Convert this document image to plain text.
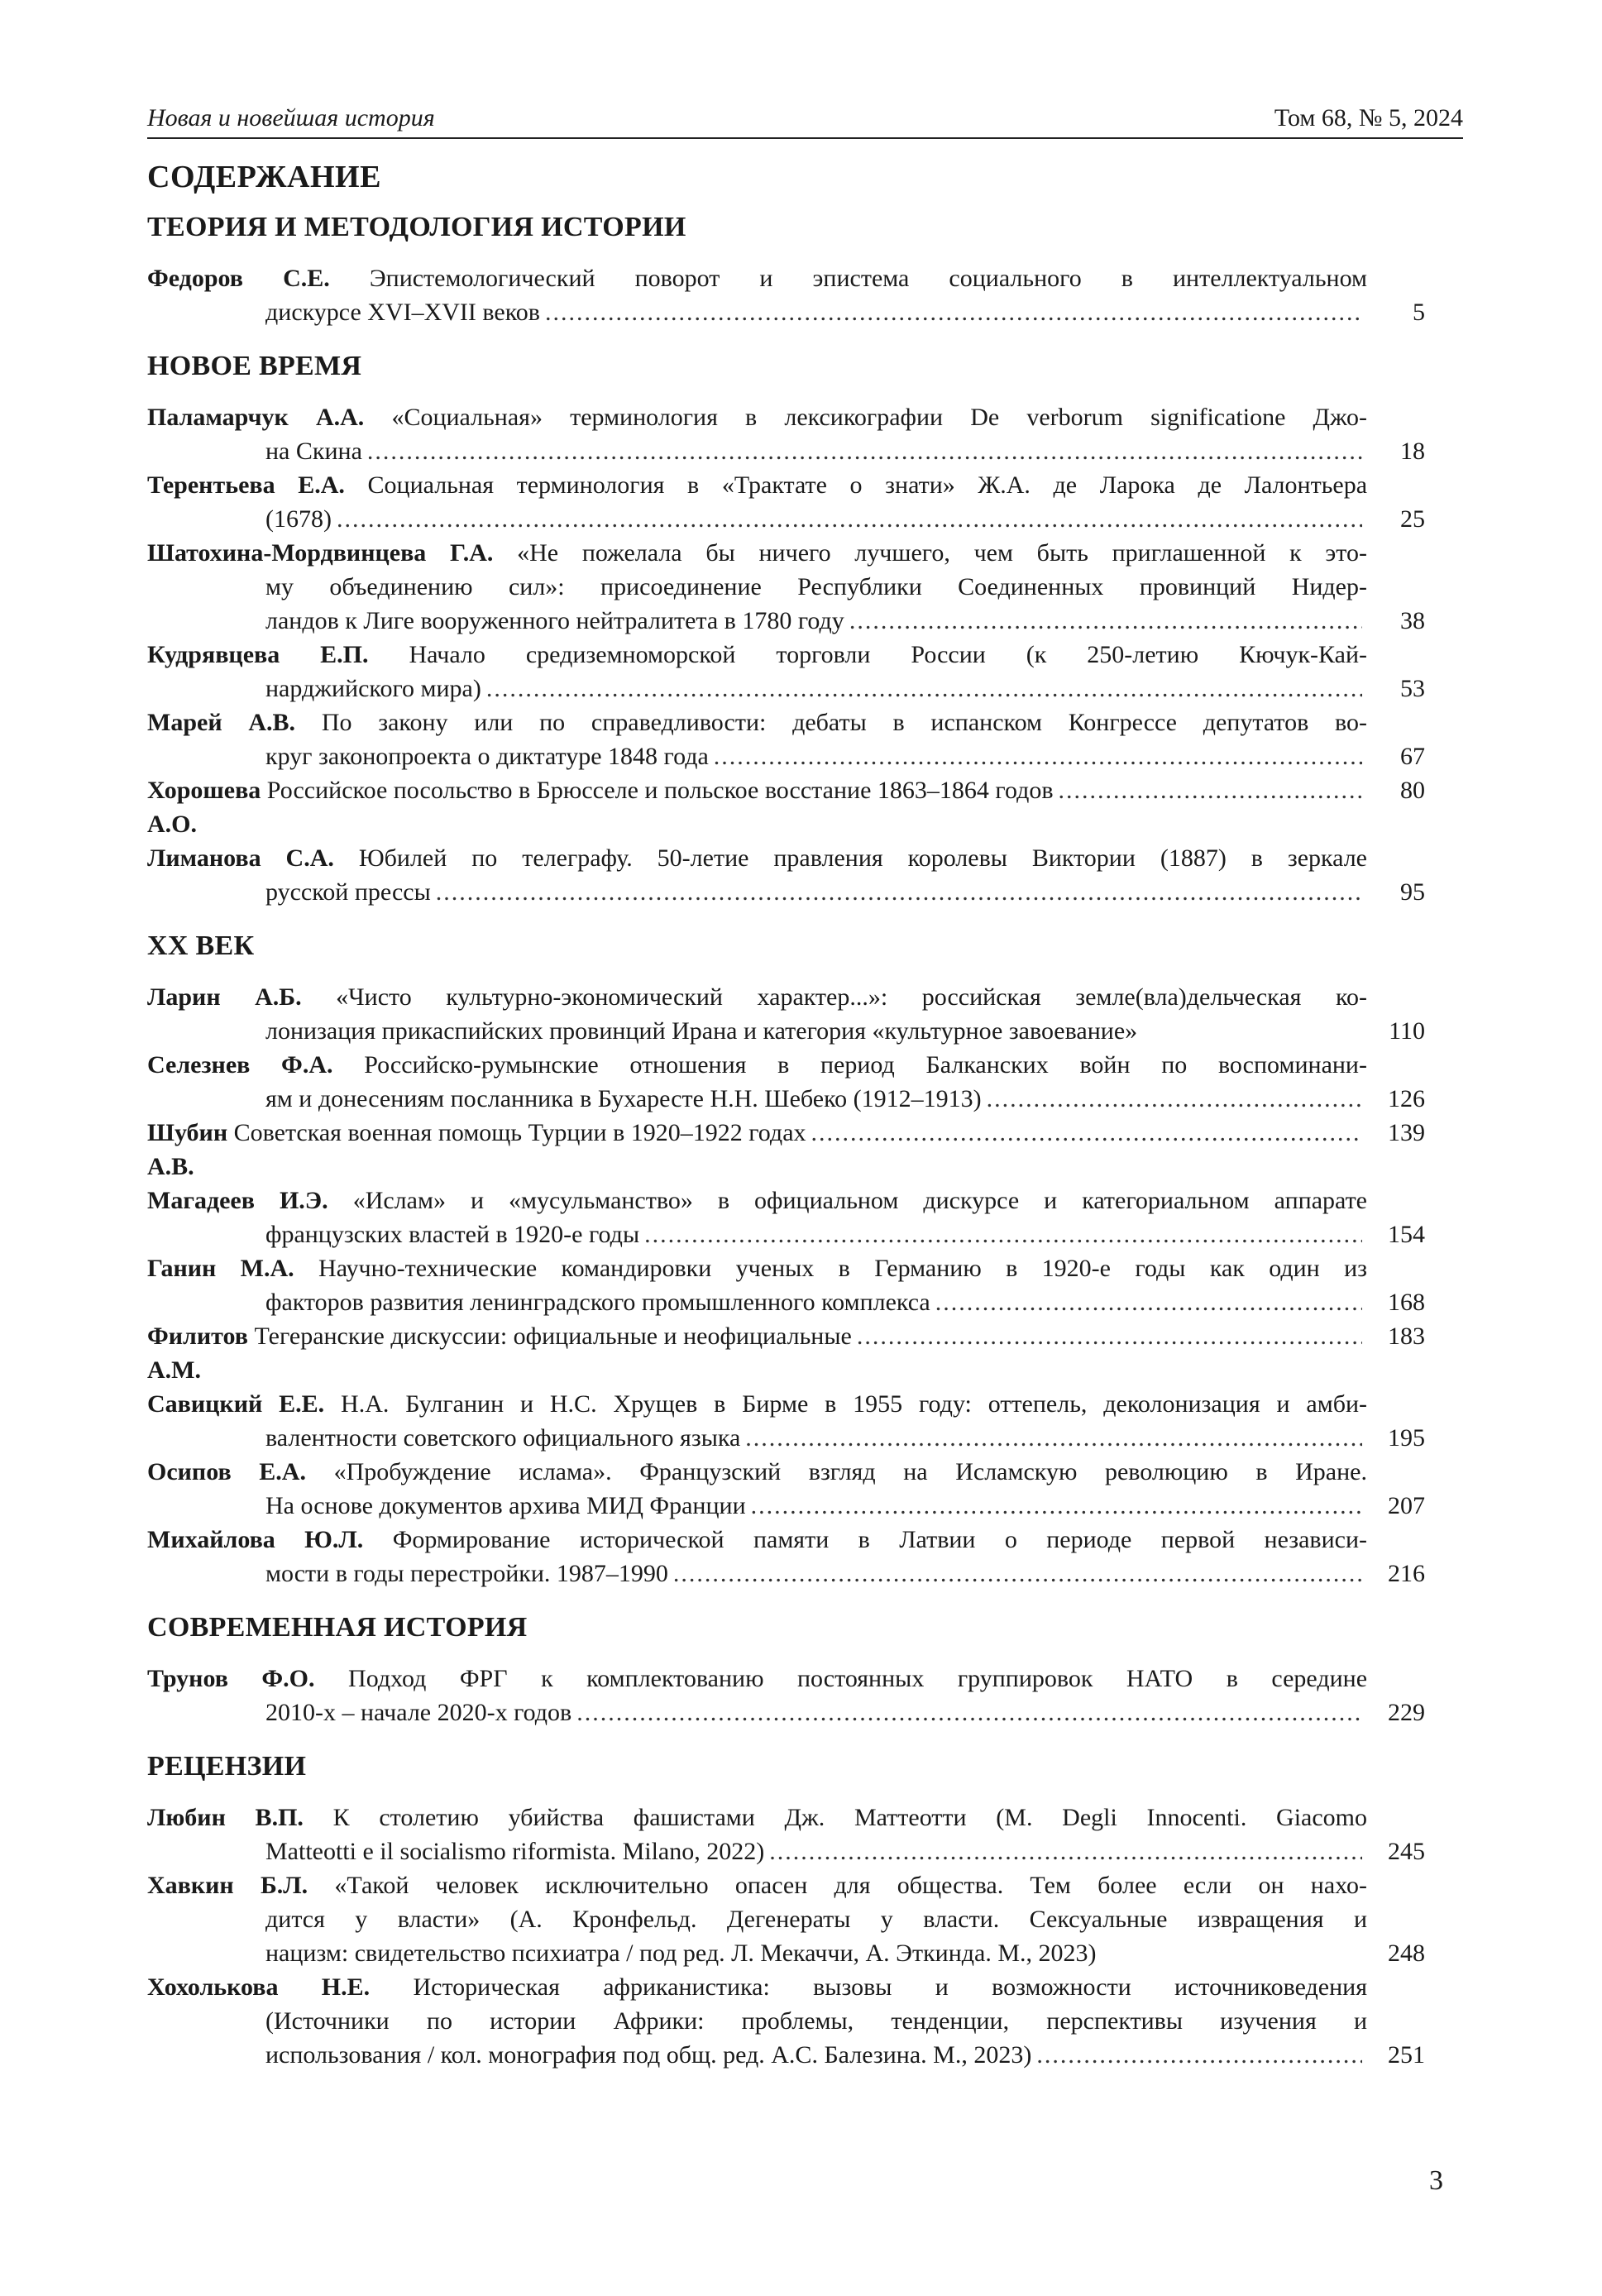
Новая и новейшая история	Том 68, № 5, 2024
СОДЕРЖАНИЕ
ТЕОРИЯ И МЕТОДОЛОГИЯ ИСТОРИИ
Федоров С.Е. Эпистемологический поворот и эпистема социального в интеллектуальном
дискурсе XVI–XVII веков .....	5
НОВОЕ ВРЕМЯ
Паламарчук А.А. «Социальная» терминология в лексикографии De verborum significatione Джо-
на Скина .....	18
Терентьева Е.А. Социальная терминология в «Трактате о знати» Ж.А. де Ларока де Лалонтьера
(1678) .....	25
Шатохина-Мордвинцева Г.А. «Не пожелала бы ничего лучшего, чем быть приглашенной к это-
му объединению сил»: присоединение Республики Соединенных провинций Нидер-
ландов к Лиге вооруженного нейтралитета в 1780 году .....	38
Кудрявцева Е.П. Начало средиземноморской торговли России (к 250-летию Кючук-Кай-
нарджийского мира) .....	53
Марей А.В. По закону или по справедливости: дебаты в испанском Конгрессе депутатов во-
круг законопроекта о диктатуре 1848 года .....	67
Хорошева А.О.

Российское посольство в Брюсселе и польское восстание 1863–1864 годов .....	80
Лиманова С.А. Юбилей по телеграфу. 50-летие правления королевы Виктории (1887) в зеркале
русской прессы .....	95
XX ВЕК
Ларин А.Б. «Чисто культурно-экономический характер...»: российская земле(вла)дельческая ко-
лонизация прикаспийских провинций Ирана и категория «культурное завоевание»	110
Селезнев Ф.А. Российско-румынские отношения в период Балканских войн по воспоминани-
ям и донесениям посланника в Бухаресте Н.Н. Шебеко (1912–1913) .....	126
Шубин А.В.

Советская военная помощь Турции в 1920–1922 годах .....	139
Магадеев И.Э. «Ислам» и «мусульманство» в официальном дискурсе и категориальном аппарате
французских властей в 1920-е годы .....	154
Ганин М.А. Научно-технические командировки ученых в Германию в 1920-е годы как один из
факторов развития ленинградского промышленного комплекса .....	168
Филитов А.М.

Тегеранские дискуссии: официальные и неофициальные .....	183
Савицкий Е.Е. Н.А. Булганин и Н.С. Хрущев в Бирме в 1955 году: оттепель, деколонизация и амби-
валентности советского официального языка .....	195
Осипов Е.А. «Пробуждение ислама». Французский взгляд на Исламскую революцию в Иране.
На основе документов архива МИД Франции .....	207
Михайлова Ю.Л. Формирование исторической памяти в Латвии о периоде первой независи-
мости в годы перестройки. 1987–1990 .....	216
СОВРЕМЕННАЯ ИСТОРИЯ
Трунов Ф.О. Подход ФРГ к комплектованию постоянных группировок НАТО в середине
2010-х – начале 2020-х годов .....	229
РЕЦЕНЗИИ
Любин В.П. К столетию убийства фашистами Дж. Маттеотти (M. Degli Innocenti. Giacomo
Matteotti e il socialismo riformista. Milano, 2022) .....	245
Хавкин Б.Л. «Такой человек исключительно опасен для общества. Тем более если он нахо-
дится у власти» (А. Кронфельд. Дегенераты у власти. Сексуальные извращения и
нацизм: свидетельство психиатра / под ред. Л. Мекаччи, А. Эткинда. М., 2023)	248
Хохолькова Н.Е. Историческая африканистика: вызовы и возможности источниковедения
(Источники по истории Африки: проблемы, тенденции, перспективы изучения и
использования / кол. монография под общ. ред. А.С. Балезина. М., 2023) .....	251
3
